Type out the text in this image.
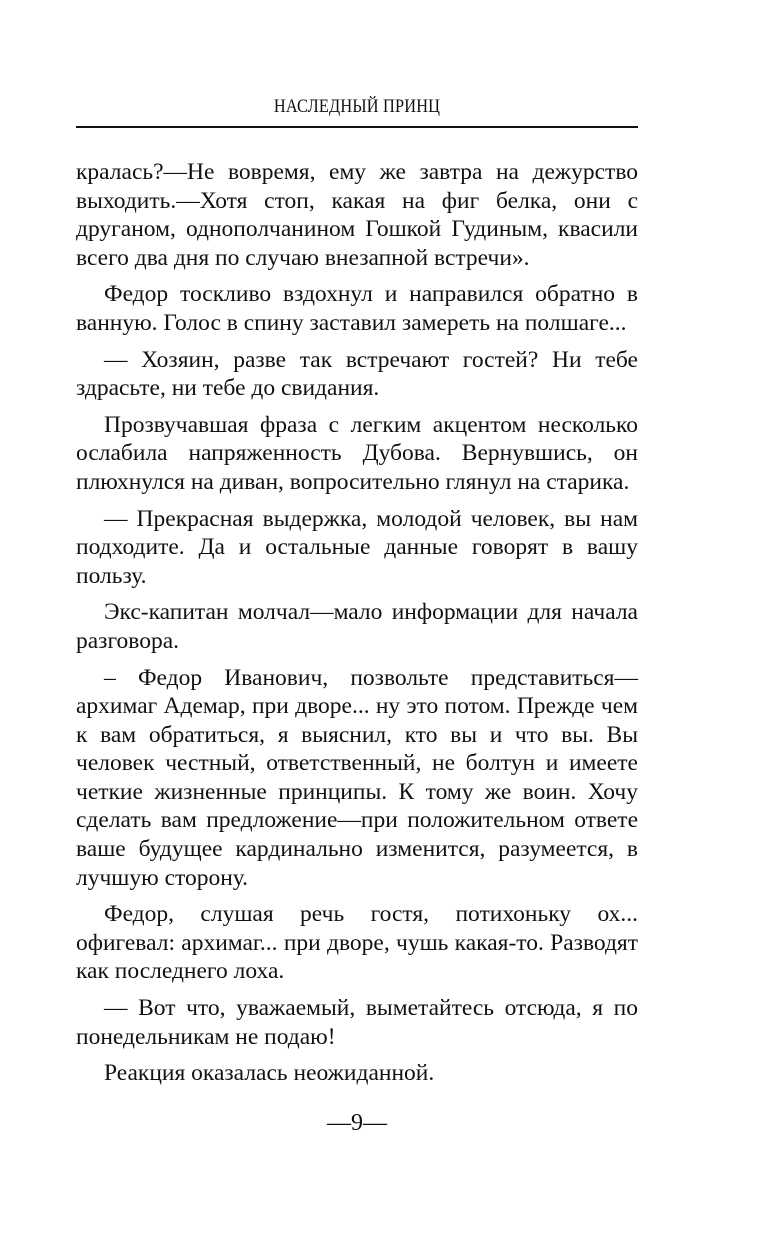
НАСЛЕДНЫЙ ПРИНЦ

кралась?—Не вовремя, ему же завтра на дежурство выходить.—Хотя стоп, какая на фиг белка, они с друганом, однополчанином Гошкой Гудиным, квасили всего два дня по случаю внезапной встречи».

Федор тоскливо вздохнул и направился обратно в ванную. Голос в спину заставил замереть на полшаге...

— Хозяин, разве так встречают гостей? Ни тебе здрасьте, ни тебе до свидания.

Прозвучавшая фраза с легким акцентом несколько ослабила напряженность Дубова. Вернувшись, он плюхнулся на диван, вопросительно глянул на старика.

— Прекрасная выдержка, молодой человек, вы нам подходите. Да и остальные данные говорят в вашу пользу.

Экс-капитан молчал—мало информации для начала разговора.

– Федор Иванович, позвольте представиться— архимаг Адемар, при дворе... ну это потом. Прежде чем к вам обратиться, я выяснил, кто вы и что вы. Вы человек честный, ответственный, не болтун и имеете четкие жизненные принципы. К тому же воин. Хочу сделать вам предложение—при положительном ответе ваше будущее кардинально изменится, разумеется, в лучшую сторону.

Федор, слушая речь гостя, потихоньку ох... офигевал: архимаг... при дворе, чушь какая-то. Разводят как последнего лоха.

— Вот что, уважаемый, выметайтесь отсюда, я по понедельникам не подаю!

Реакция оказалась неожиданной.

—9—
